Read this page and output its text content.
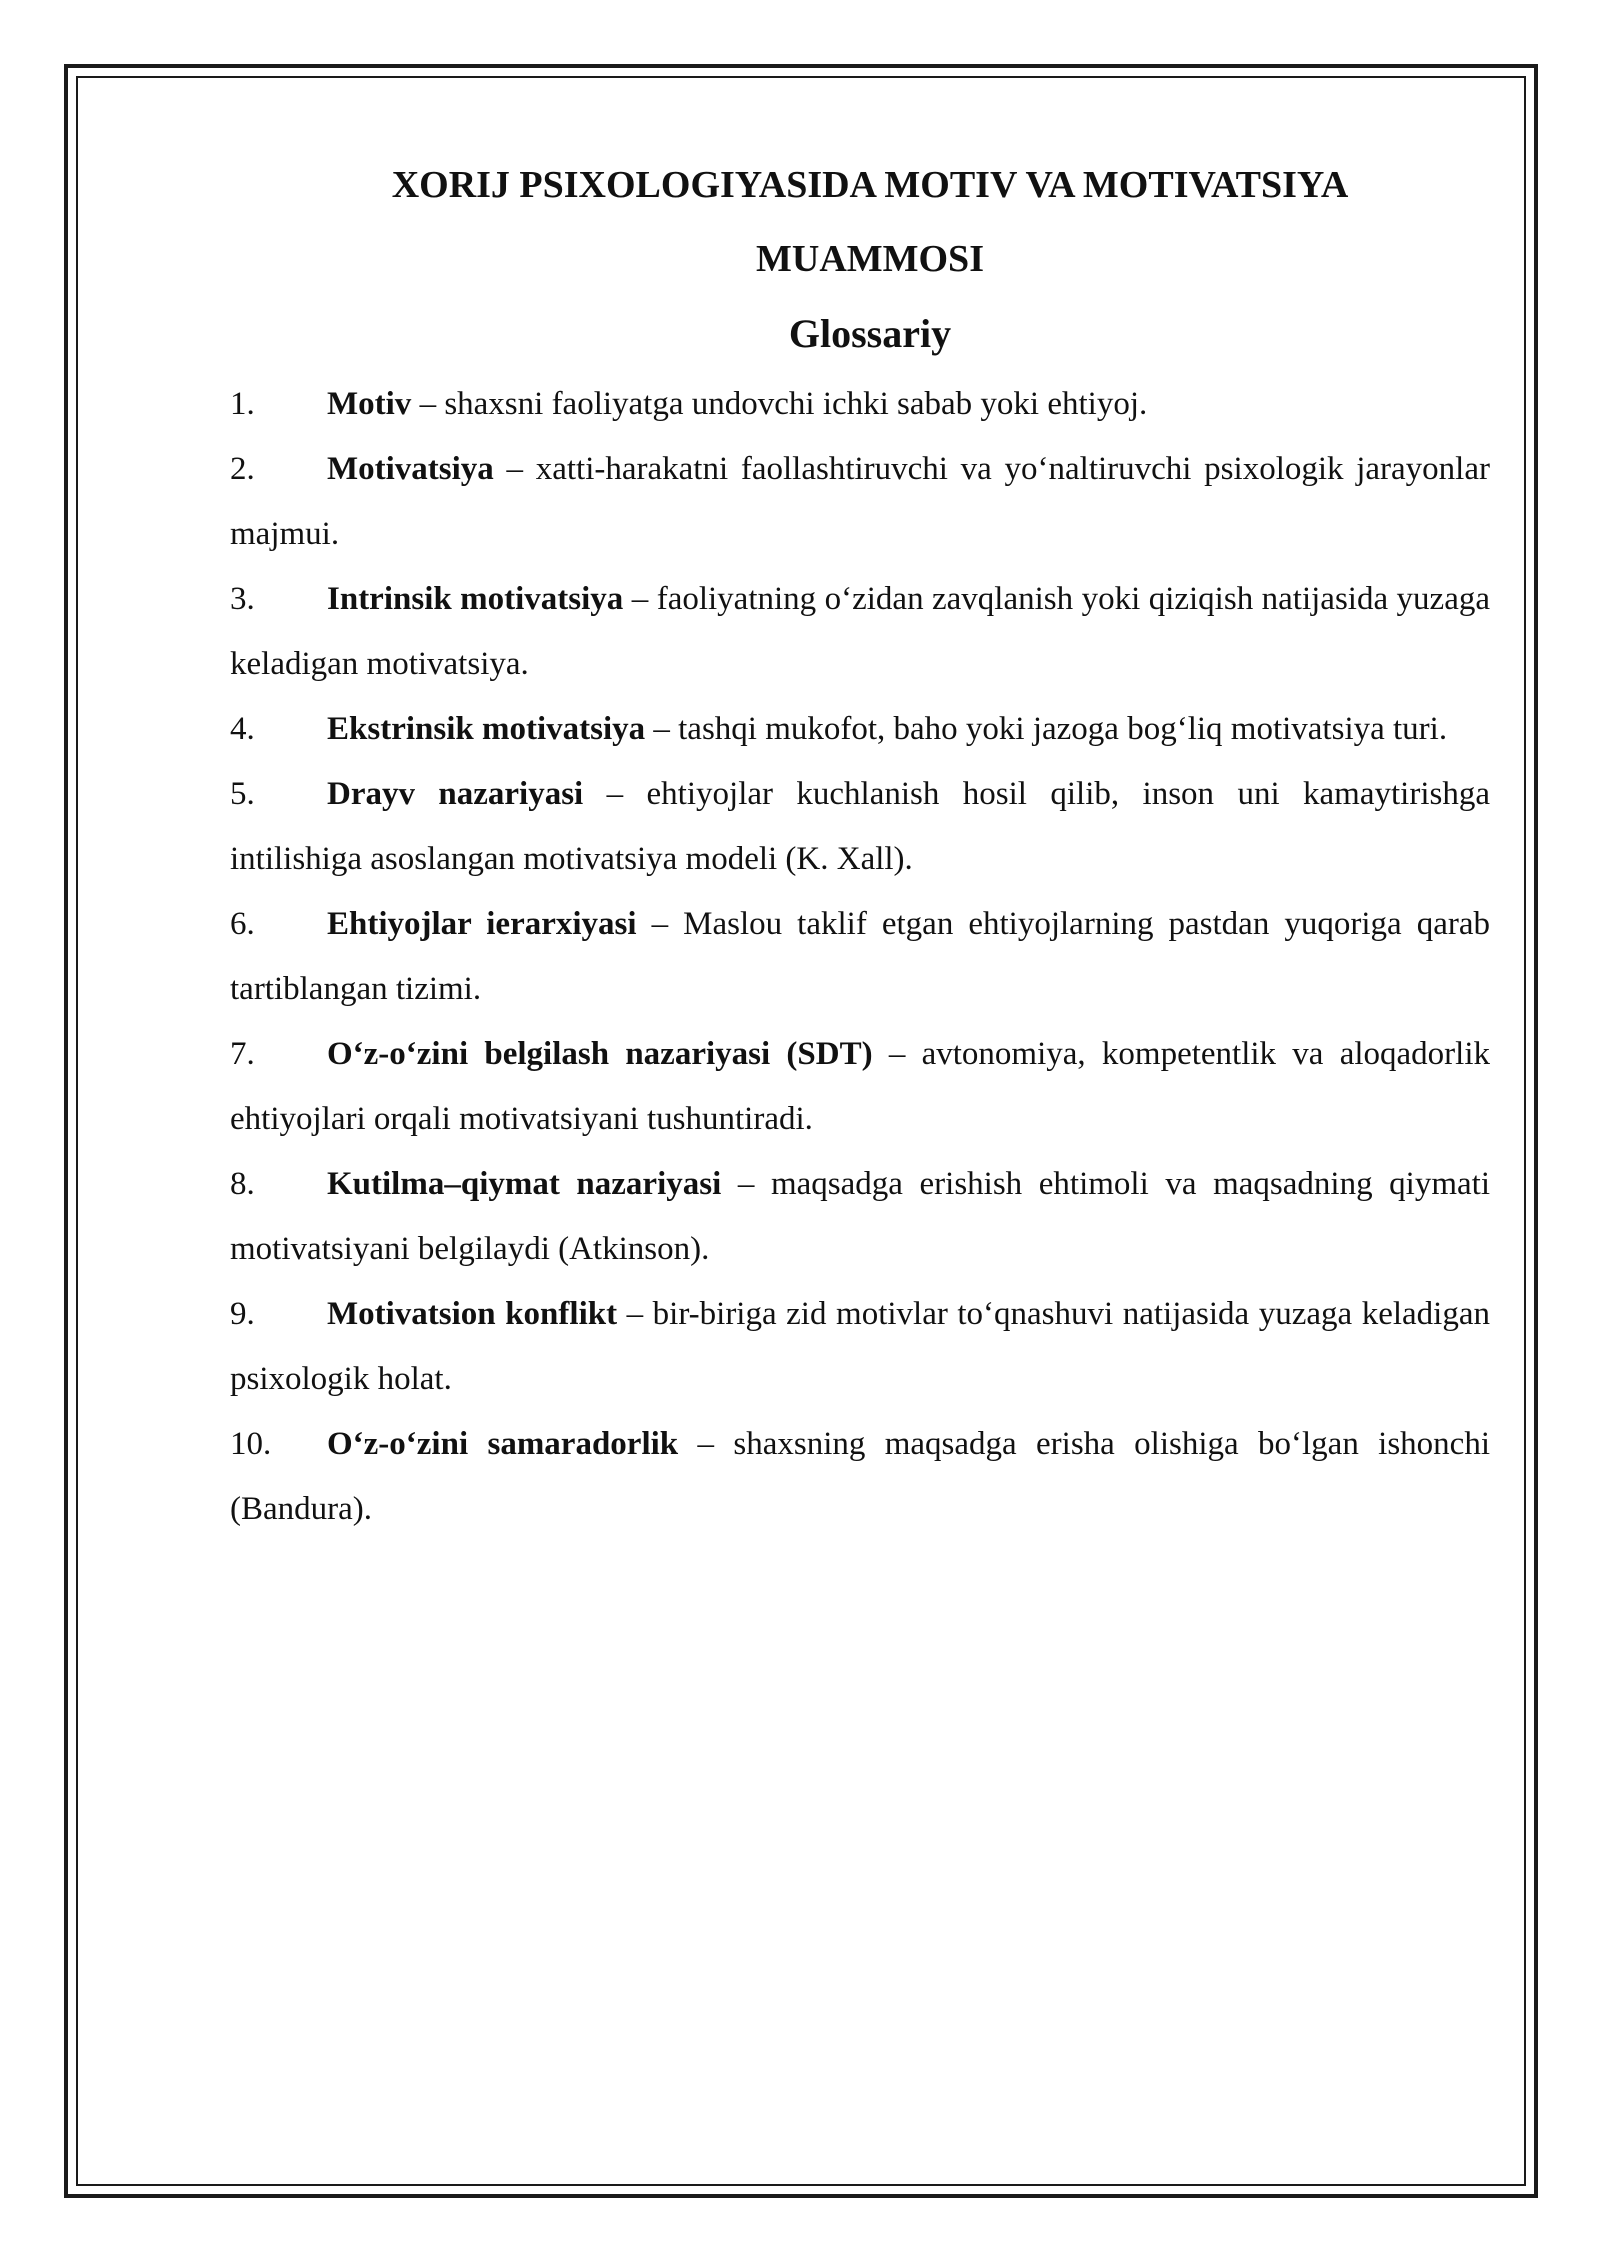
XORIJ PSIXOLOGIYASIDA MOTIV VA MOTIVATSIYA

MUAMMOSI

Glossariy

1. Motiv – shaxsni faoliyatga undovchi ichki sabab yoki ehtiyoj.
2. Motivatsiya – xatti-harakatni faollashtiruvchi va yo‘naltiruvchi psixologik jarayonlar majmui.
3. Intrinsik motivatsiya – faoliyatning o‘zidan zavqlanish yoki qiziqish natijasida yuzaga keladigan motivatsiya.
4. Ekstrinsik motivatsiya – tashqi mukofot, baho yoki jazoga bog‘liq motivatsiya turi.
5. Drayv nazariyasi – ehtiyojlar kuchlanish hosil qilib, inson uni kamaytirishga intilishiga asoslangan motivatsiya modeli (K. Xall).
6. Ehtiyojlar ierarxiyasi – Maslou taklif etgan ehtiyojlarning pastdan yuqoriga qarab tartiblangan tizimi.
7. O‘z-o‘zini belgilash nazariyasi (SDT) – avtonomiya, kompetentlik va aloqadorlik ehtiyojlari orqali motivatsiyani tushuntiradi.
8. Kutilma–qiymat nazariyasi – maqsadga erishish ehtimoli va maqsadning qiymati motivatsiyani belgilaydi (Atkinson).
9. Motivatsion konflikt – bir-biriga zid motivlar to‘qnashuvi natijasida yuzaga keladigan psixologik holat.
10. O‘z-o‘zini samaradorlik – shaxsning maqsadga erisha olishiga bo‘lgan ishonchi (Bandura).
